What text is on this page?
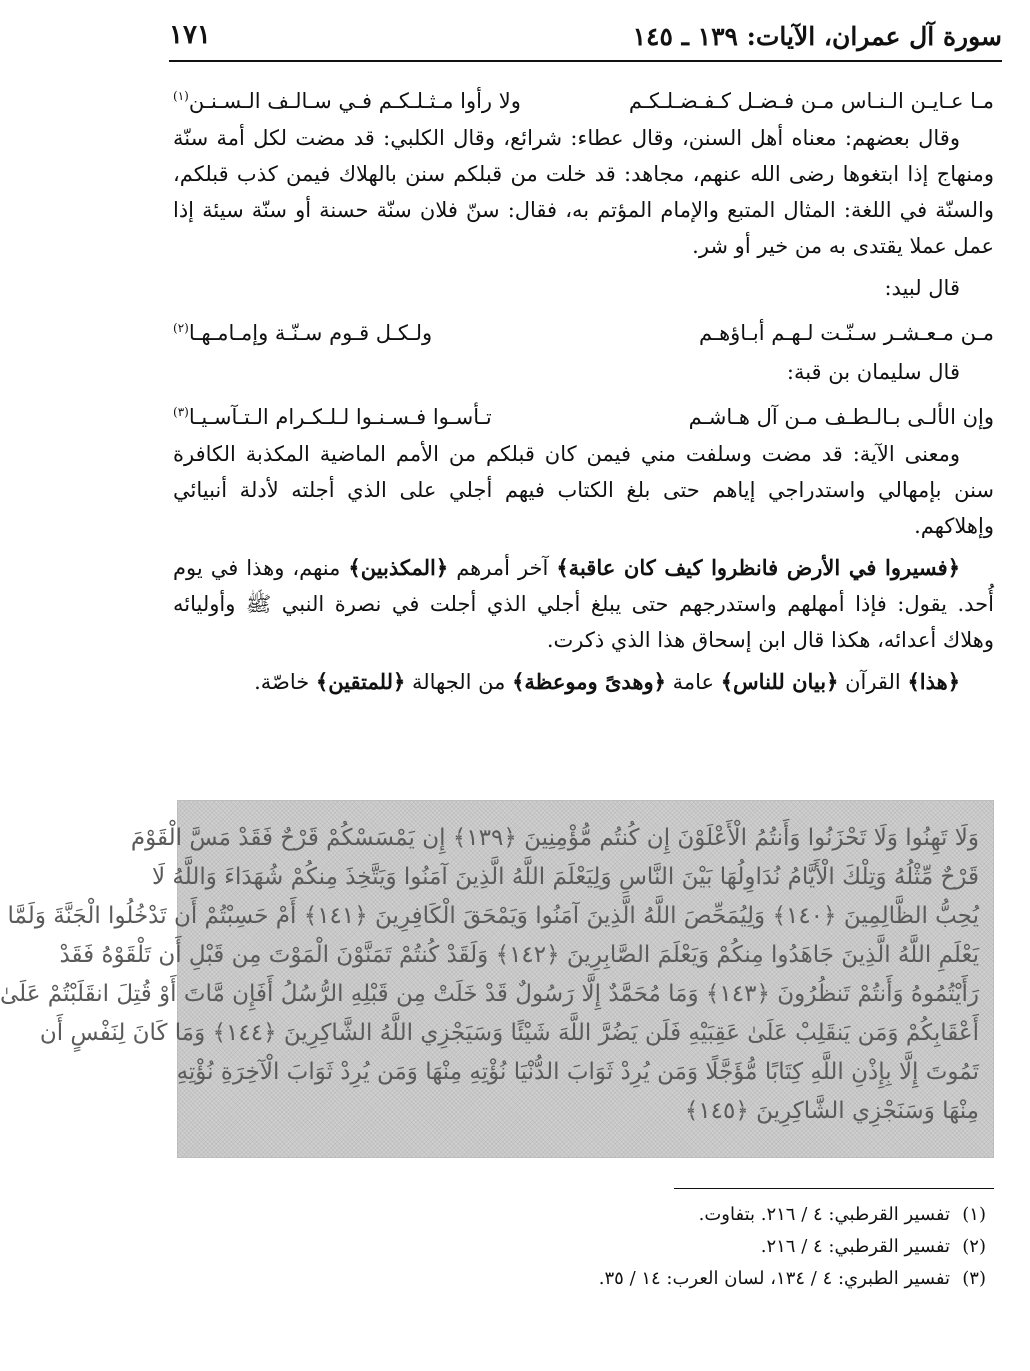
سورة آل عمران، الآيات: ١٣٩ ـ ١٤٥
١٧١
مـا عـايـن الـنـاس مـن فـضـل كـفـضـلـكـم
ولا رأوا مـثـلـكـم فـي سـالـف الـسـنـن$^{(١)}$

وقال بعضهم: معناه أهل السنن، وقال عطاء: شرائع، وقال الكلبي: قد مضت لكل أمة سنّة ومنهاج إذا ابتغوها رضى الله عنهم، مجاهد: قد خلت من قبلكم سنن بالهلاك فيمن كذب قبلكم، والسنّة في اللغة: المثال المتبع والإمام المؤتم به، فقال: سنّ فلان سنّة حسنة أو سنّة سيئة إذا عمل عملا يقتدى به من خير أو شر.

قال لبيد:

مـن مـعـشـر سـنّـت لـهـم أبـاؤهـم
ولـكـل قـوم سـنّـة وإمـامـهـا$^{(٢)}$

قال سليمان بن قبة:

وإن الألـى بـالـطـف مـن آل هـاشـم
تـأسـوا فـسـنـوا لـلـكـرام الـتـآسـيـا$^{(٣)}$

ومعنى الآية: قد مضت وسلفت مني فيمن كان قبلكم من الأمم الماضية المكذبة الكافرة سنن بإمهالي واستدراجي إياهم حتى بلغ الكتاب فيهم أجلي على الذي أجلته لأدلة أنبيائي وإهلاكهم.

﴿فسيروا في الأرض فانظروا كيف كان عاقبة﴾ آخر أمرهم ﴿المكذبين﴾ منهم، وهذا في يوم أُحد. يقول: فإذا أمهلهم واستدرجهم حتى يبلغ أجلي الذي أجلت في نصرة النبي ﷺ وأوليائه وهلاك أعدائه، هكذا قال ابن إسحاق هذا الذي ذكرت.

﴿هذا﴾ القرآن ﴿بيان للناس﴾ عامة ﴿وهدىً وموعظة﴾ من الجهالة ﴿للمتقين﴾ خاصّة.

وَلَا تَهِنُوا وَلَا تَحْزَنُوا وَأَنتُمُ الْأَعْلَوْنَ إِن كُنتُم مُّؤْمِنِينَ ﴿١٣٩﴾ إِن يَمْسَسْكُمْ قَرْحٌ فَقَدْ مَسَّ الْقَوْمَ
قَرْحٌ مِّثْلُهُ وَتِلْكَ الْأَيَّامُ نُدَاوِلُهَا بَيْنَ النَّاسِ وَلِيَعْلَمَ اللَّهُ الَّذِينَ آمَنُوا وَيَتَّخِذَ مِنكُمْ شُهَدَاءَ وَاللَّهُ لَا
يُحِبُّ الظَّالِمِينَ ﴿١٤٠﴾ وَلِيُمَحِّصَ اللَّهُ الَّذِينَ آمَنُوا وَيَمْحَقَ الْكَافِرِينَ ﴿١٤١﴾ أَمْ حَسِبْتُمْ أَن تَدْخُلُوا الْجَنَّةَ وَلَمَّا
يَعْلَمِ اللَّهُ الَّذِينَ جَاهَدُوا مِنكُمْ وَيَعْلَمَ الصَّابِرِينَ ﴿١٤٢﴾ وَلَقَدْ كُنتُمْ تَمَنَّوْنَ الْمَوْتَ مِن قَبْلِ أَن تَلْقَوْهُ فَقَدْ
رَأَيْتُمُوهُ وَأَنتُمْ تَنظُرُونَ ﴿١٤٣﴾ وَمَا مُحَمَّدٌ إِلَّا رَسُولٌ قَدْ خَلَتْ مِن قَبْلِهِ الرُّسُلُ أَفَإِن مَّاتَ أَوْ قُتِلَ انقَلَبْتُمْ عَلَىٰ
أَعْقَابِكُمْ وَمَن يَنقَلِبْ عَلَىٰ عَقِبَيْهِ فَلَن يَضُرَّ اللَّهَ شَيْئًا وَسَيَجْزِي اللَّهُ الشَّاكِرِينَ ﴿١٤٤﴾ وَمَا كَانَ لِنَفْسٍ أَن
تَمُوتَ إِلَّا بِإِذْنِ اللَّهِ كِتَابًا مُّؤَجَّلًا وَمَن يُرِدْ ثَوَابَ الدُّنْيَا نُؤْتِهِ مِنْهَا وَمَن يُرِدْ ثَوَابَ الْآخِرَةِ نُؤْتِهِ
مِنْهَا وَسَنَجْزِي الشَّاكِرِينَ ﴿١٤٥﴾
(١)تفسير القرطبي: ٤ / ٢١٦. بتفاوت.
(٢)تفسير القرطبي: ٤ / ٢١٦.
(٣)تفسير الطبري: ٤ / ١٣٤، لسان العرب: ١٤ / ٣٥.
